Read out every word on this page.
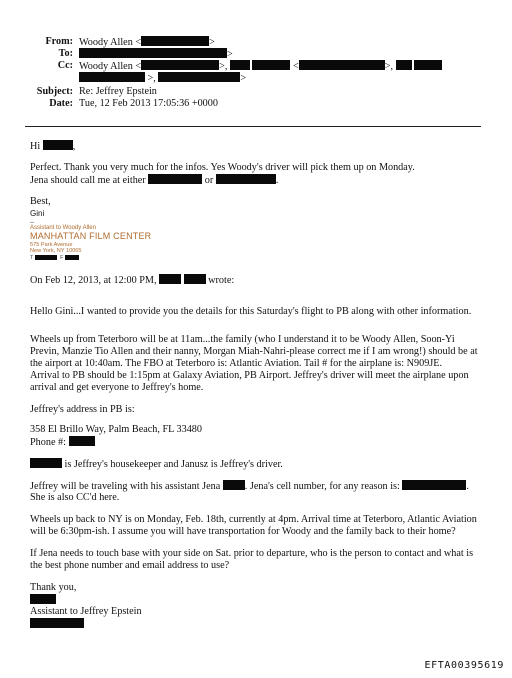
From: Woody Allen <	>
To:	>
Cc: Woody Allen <	>,	<	>,
>,	>
Subject: Re: Jeffrey Epstein
Date: Tue, 12 Feb 2013 17:05:36 +0000
Hi	,
Perfect. Thank you very much for the infos. Yes Woody's driver will pick them up on Monday.
Jena should call me at either	or	.
Best,
Gini
--
Assistant to Woody Allen
MANHATTAN FILM CENTER
575 Park Avenue
New York, NY 10065
T	F
On Feb 12, 2013, at 12:00 PM,	wrote:
Hello Gini...I wanted to provide you the details for this Saturday's flight to PB along with other information.
Wheels up from Teterboro will be at 11am...the family (who I understand it to be Woody Allen, Soon-Yi
Previn, Manzie Tio Allen and their nanny, Morgan Miah-Nahri-please correct me if I am wrong!) should be at
the airport at 10:40am. The FBO at Teterboro is: Atlantic Aviation. Tail # for the airplane is: N909JE.
Arrival to PB should be 1:15pm at Galaxy Aviation, PB Airport. Jeffrey's driver will meet the airplane upon
arrival and get everyone to Jeffrey's home.
Jeffrey's address in PB is:
358 El Brillo Way, Palm Beach, FL 33480
Phone #:
is Jeffrey's housekeeper and Janusz is Jeffrey's driver.
Jeffrey will be traveling with his assistant Jena . Jena's cell number, for any reason is:	.
She is also CC'd here.
Wheels up back to NY is on Monday, Feb. 18th, currently at 4pm. Arrival time at Teterboro, Atlantic Aviation
will be 6:30pm-ish. I assume you will have transportation for Woody and the family back to their home?
If Jena needs to touch base with your side on Sat. prior to departure, who is the person to contact and what is
the best phone number and email address to use?
Thank you,
Assistant to Jeffrey Epstein
EFTA00395619
